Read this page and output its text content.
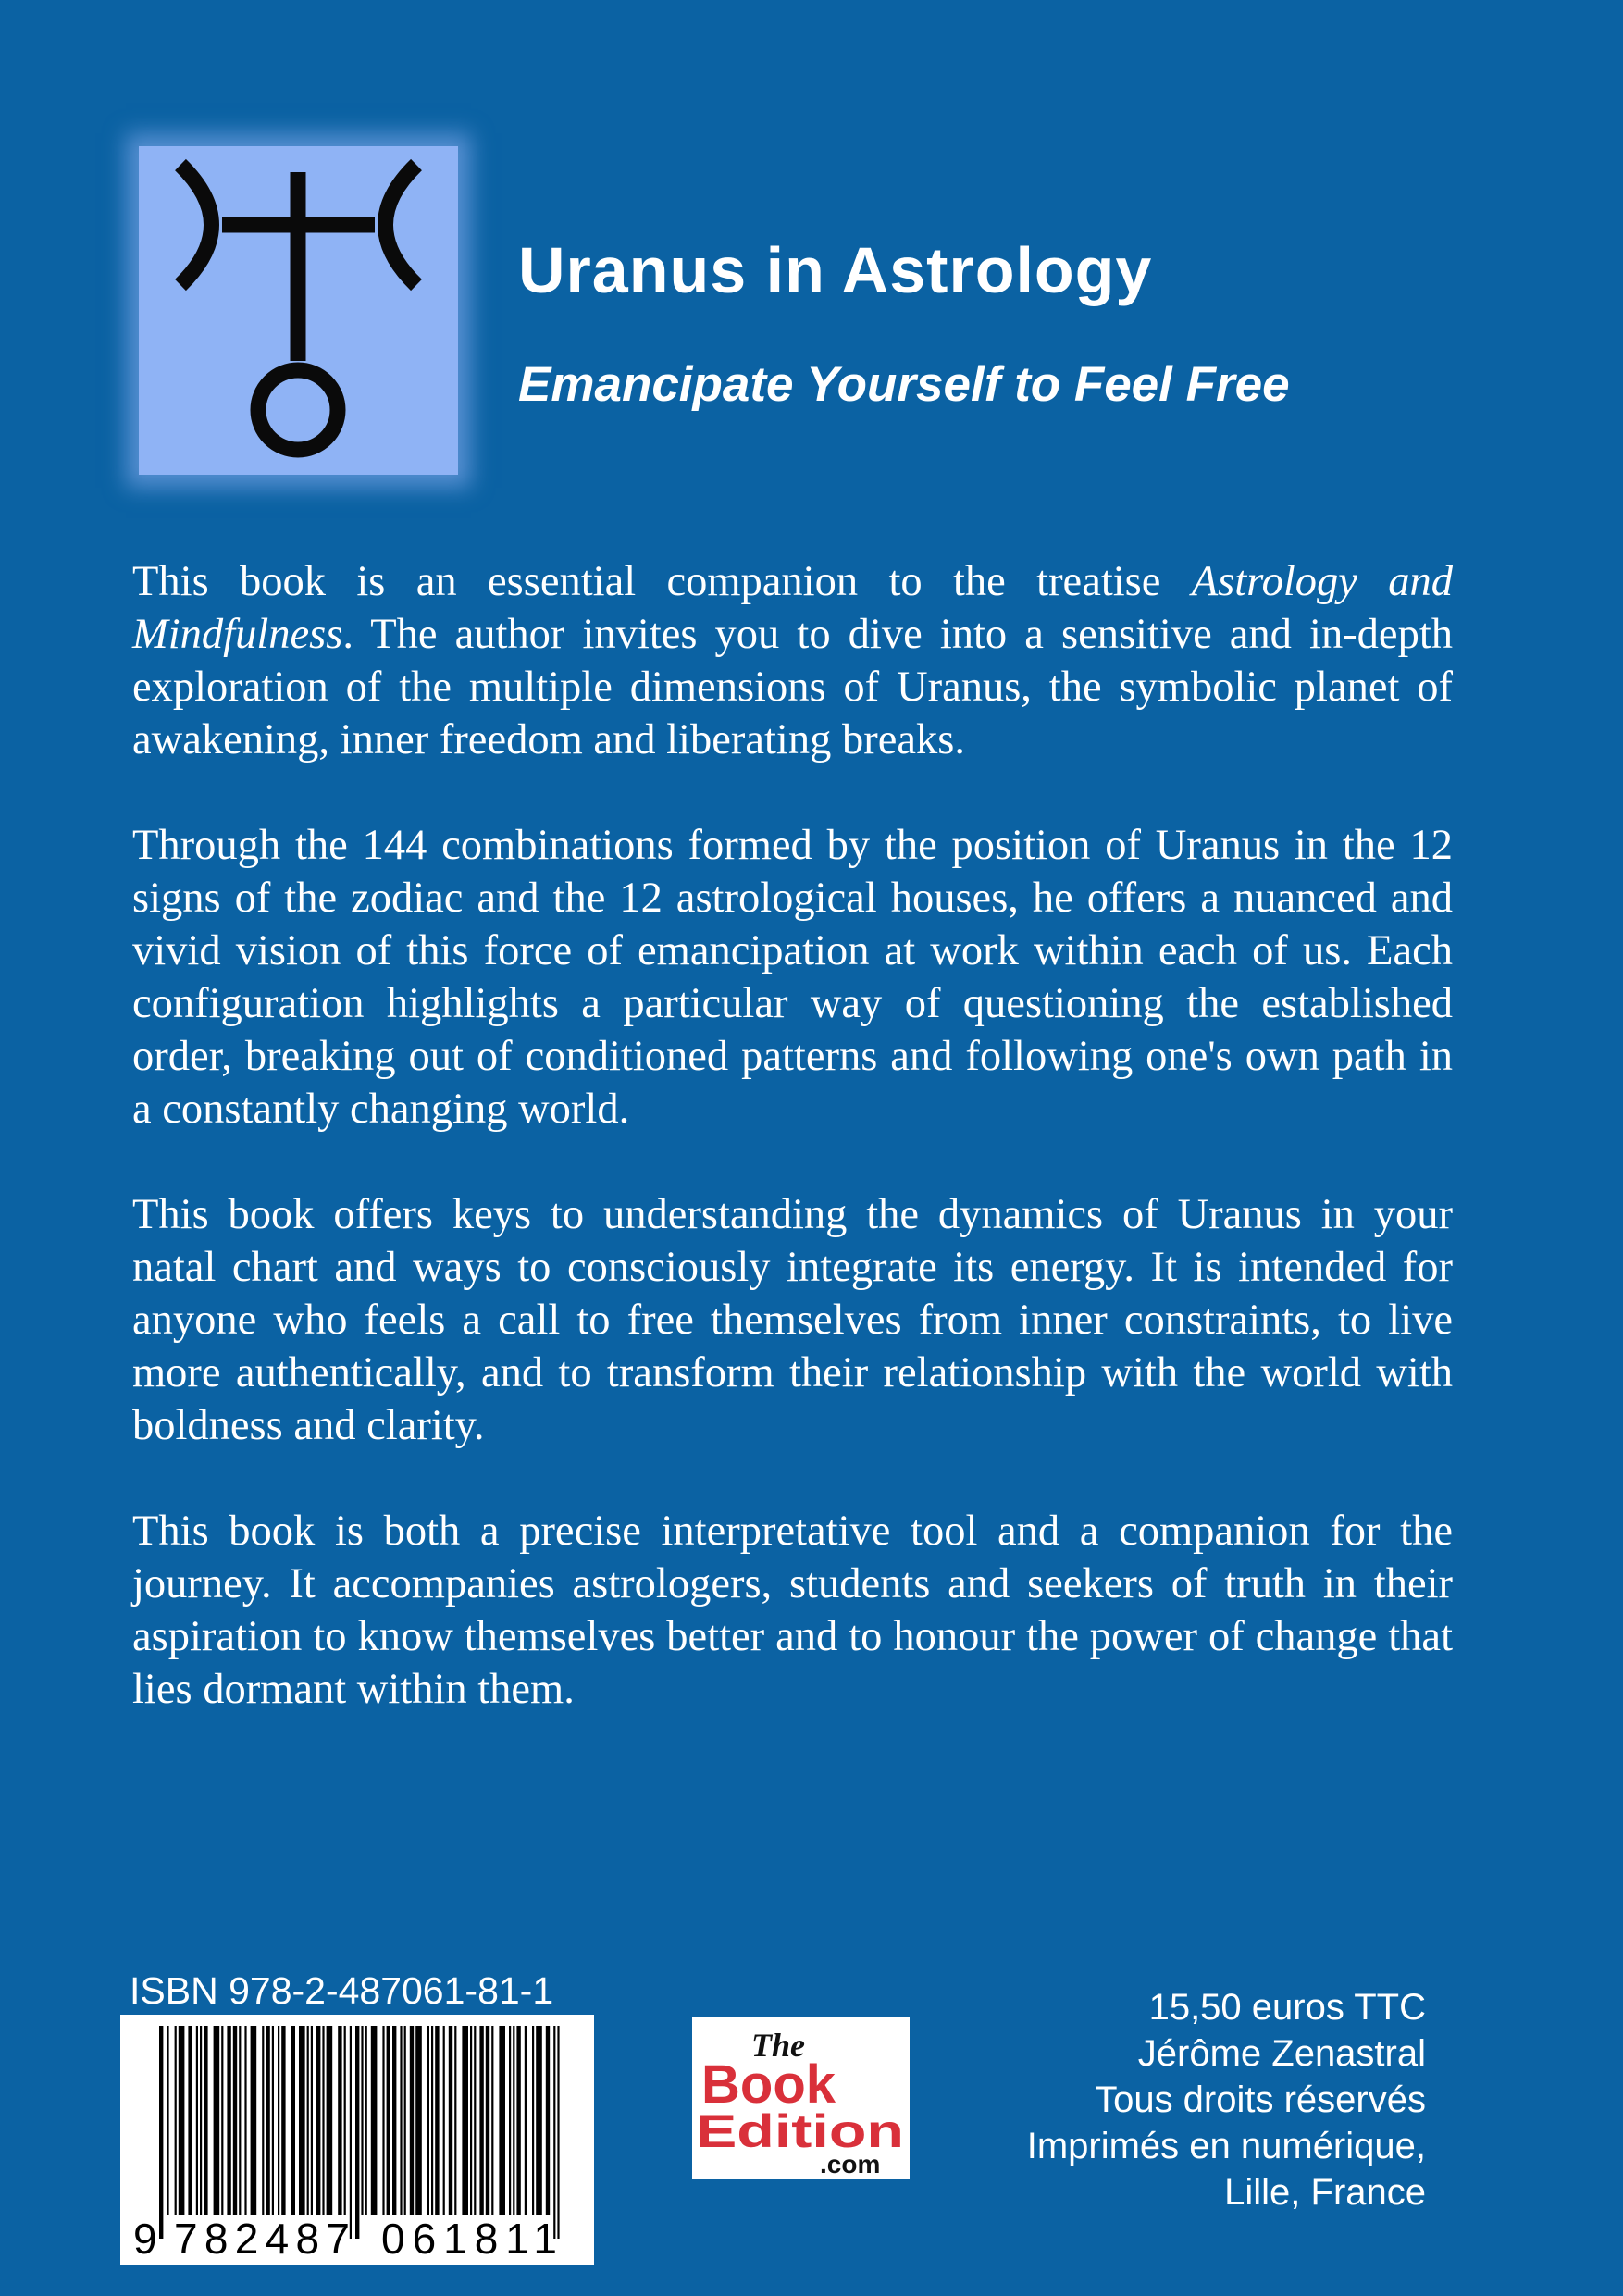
Uranus in Astrology
Emancipate Yourself to Feel Free

This book is an essential companion to the treatise Astrology and Mindfulness. The author invites you to dive into a sensitive and in-depth exploration of the multiple dimensions of Uranus, the symbolic planet of awakening, inner freedom and liberating breaks.

Through the 144 combinations formed by the position of Uranus in the 12 signs of the zodiac and the 12 astrological houses, he offers a nuanced and vivid vision of this force of emancipation at work within each of us. Each configuration highlights a particular way of questioning the established order, breaking out of conditioned patterns and following one's own path in a constantly changing world.

This book offers keys to understanding the dynamics of Uranus in your natal chart and ways to consciously integrate its energy. It is intended for anyone who feels a call to free themselves from inner constraints, to live more authentically, and to transform their relationship with the world with boldness and clarity.

This book is both a precise interpretative tool and a companion for the journey. It accompanies astrologers, students and seekers of truth in their aspiration to know themselves better and to honour the power of change that lies dormant within them.

ISBN 978-2-487061-81-1
9 782487 061811
The
Book
Edition
.com
15,50 euros TTC
Jérôme Zenastral
Tous droits réservés
Imprimés en numérique,
Lille, France
